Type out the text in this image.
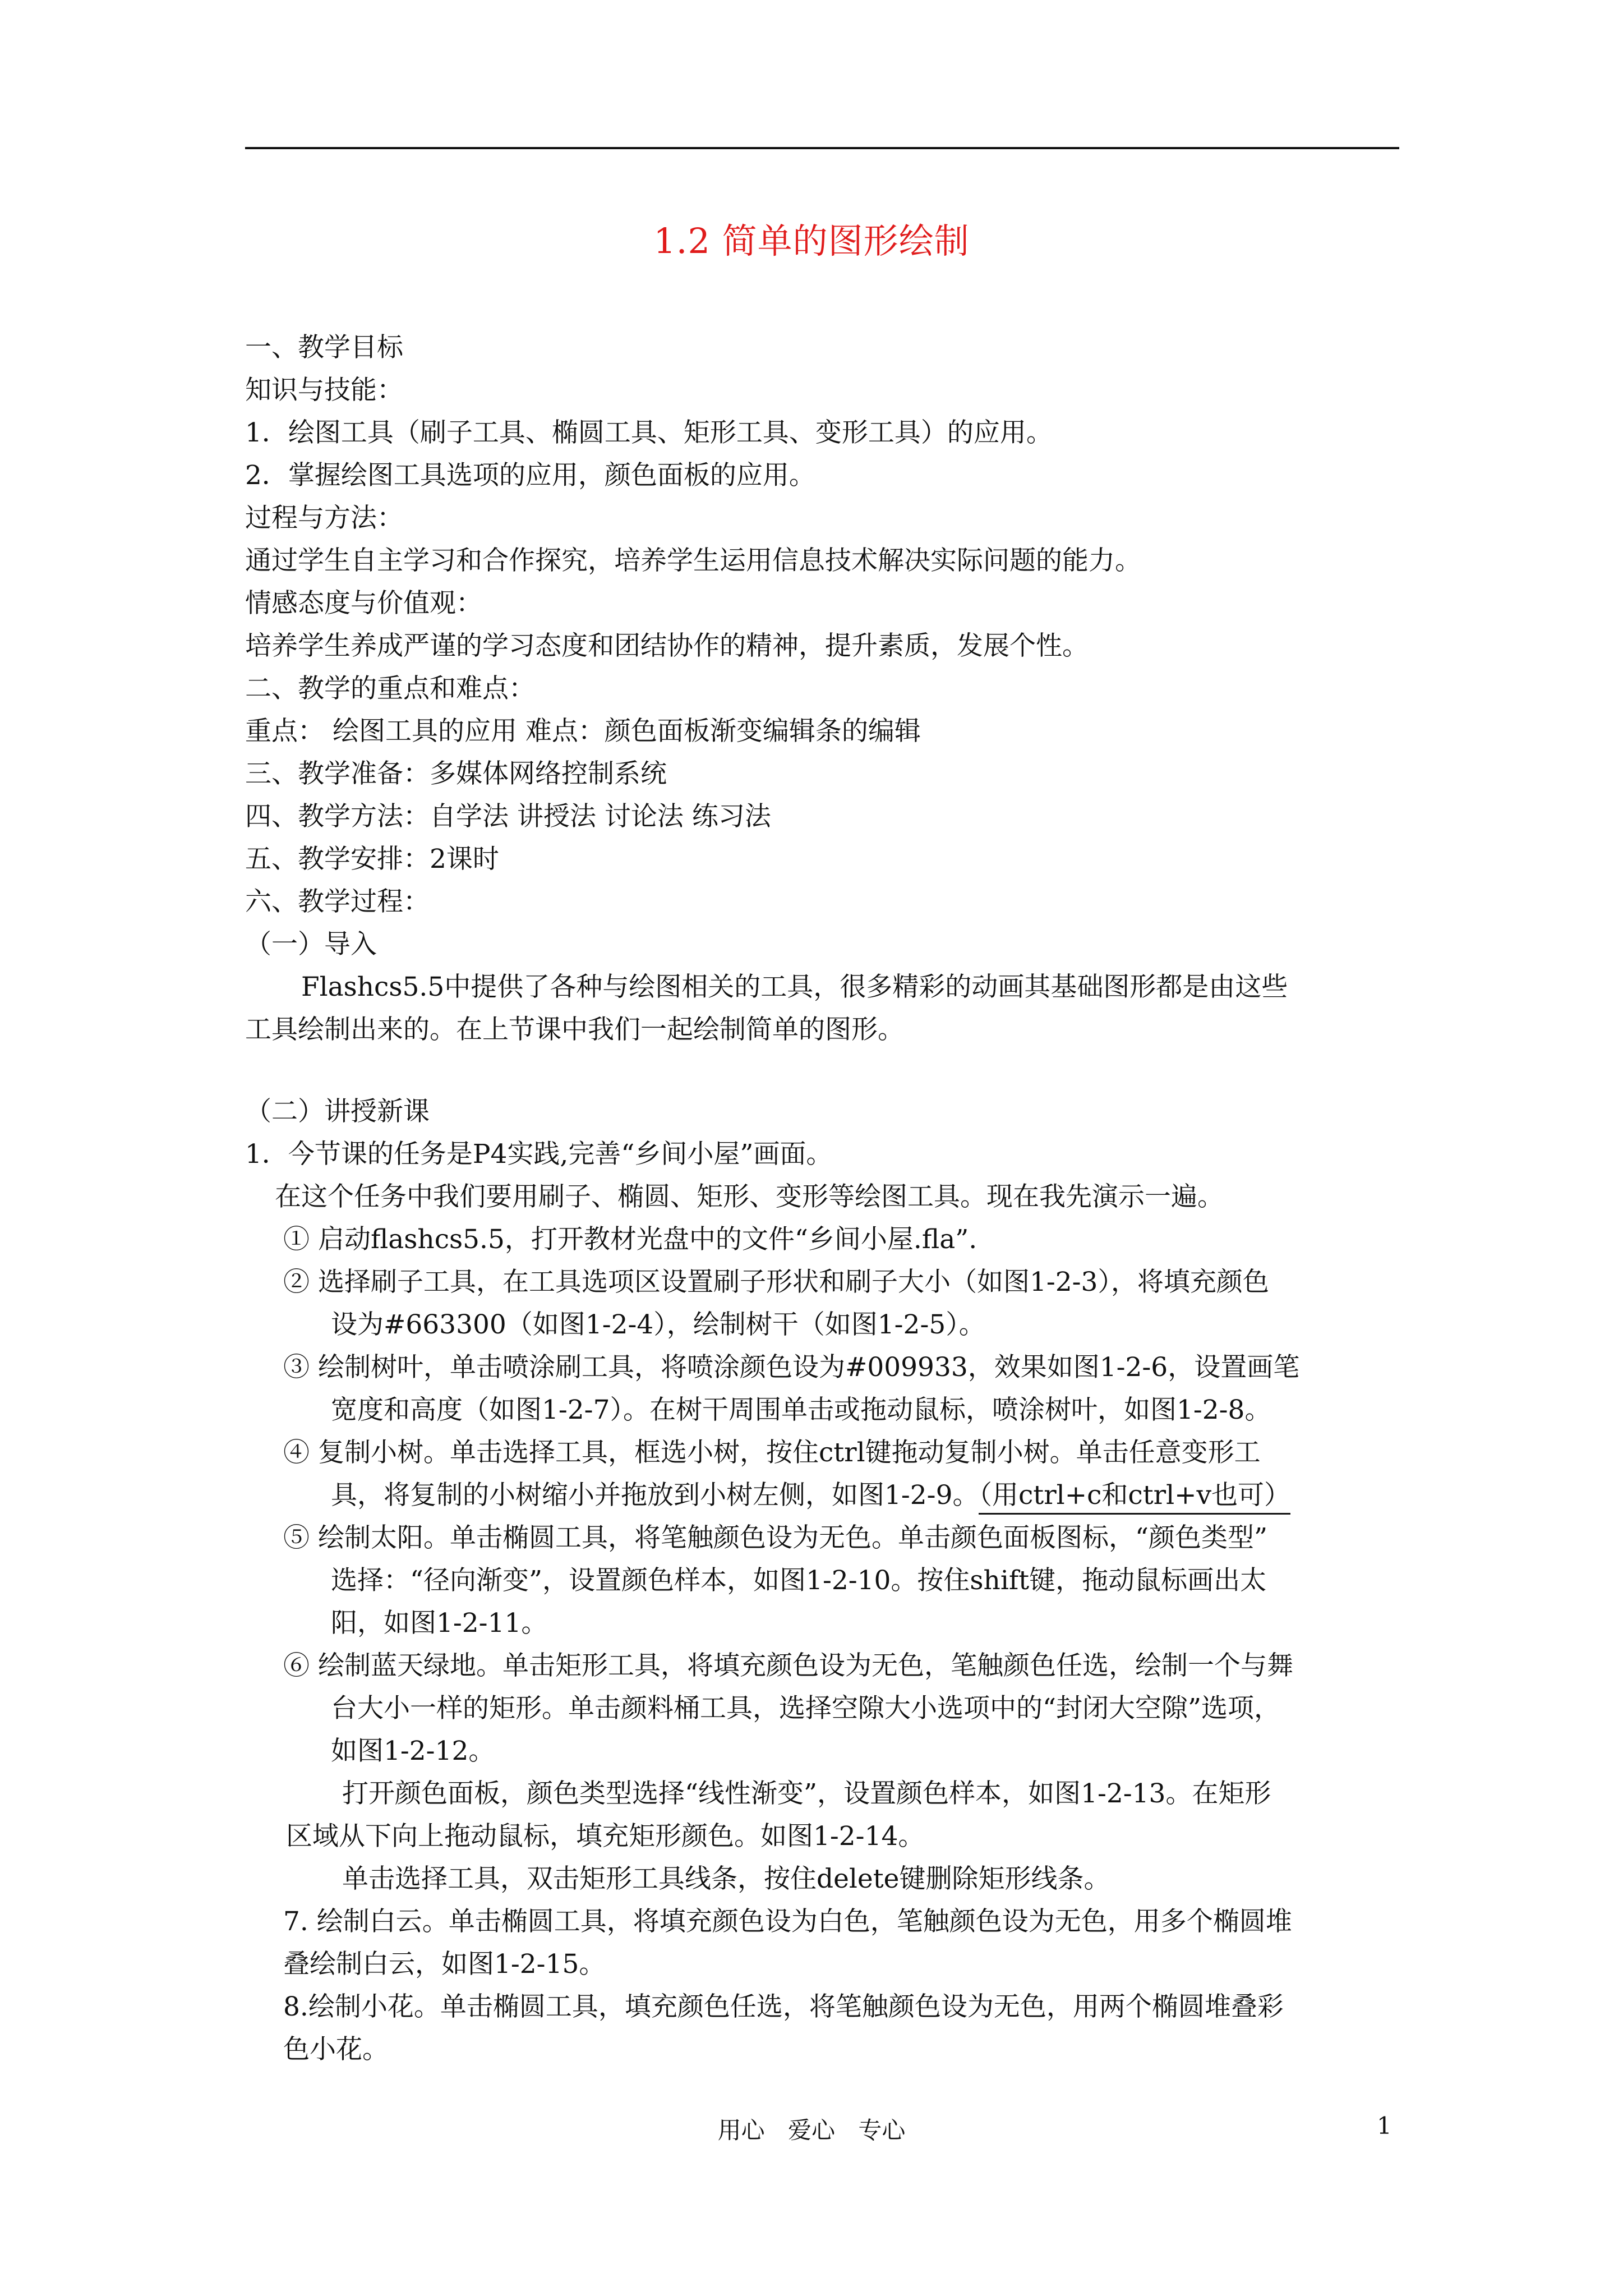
1.2 简单的图形绘制
一、教学目标
知识与技能：
1．绘图工具（刷子工具、椭圆工具、矩形工具、变形工具）的应用。
2．掌握绘图工具选项的应用，颜色面板的应用。
过程与方法：
通过学生自主学习和合作探究，培养学生运用信息技术解决实际问题的能力。
情感态度与价值观：
培养学生养成严谨的学习态度和团结协作的精神，提升素质，发展个性。
二、教学的重点和难点：
重点： 绘图工具的应用 难点：颜色面板渐变编辑条的编辑
三、教学准备：多媒体网络控制系统
四、教学方法：自学法 讲授法 讨论法 练习法
五、教学安排：2课时
六、教学过程：
（一）导入
Flashcs5.5中提供了各种与绘图相关的工具，很多精彩的动画其基础图形都是由这些
工具绘制出来的。在上节课中我们一起绘制简单的图形。
（二）讲授新课
1．今节课的任务是P4实践,完善“乡间小屋”画面。
在这个任务中我们要用刷子、椭圆、矩形、变形等绘图工具。现在我先演示一遍。
① 启动flashcs5.5，打开教材光盘中的文件“乡间小屋.fla”.
② 选择刷子工具，在工具选项区设置刷子形状和刷子大小（如图1-2-3），将填充颜色
设为#663300（如图1-2-4），绘制树干（如图1-2-5）。
③ 绘制树叶，单击喷涂刷工具，将喷涂颜色设为#009933，效果如图1-2-6，设置画笔
宽度和高度（如图1-2-7）。在树干周围单击或拖动鼠标，喷涂树叶，如图1-2-8。
④ 复制小树。单击选择工具，框选小树，按住ctrl键拖动复制小树。单击任意变形工
具，将复制的小树缩小并拖放到小树左侧，如图1-2-9。（用ctrl+c和ctrl+v也可）
⑤ 绘制太阳。单击椭圆工具，将笔触颜色设为无色。单击颜色面板图标，“颜色类型”
选择：“径向渐变”，设置颜色样本，如图1-2-10。按住shift键，拖动鼠标画出太
阳，如图1-2-11。
⑥ 绘制蓝天绿地。单击矩形工具，将填充颜色设为无色，笔触颜色任选，绘制一个与舞
台大小一样的矩形。单击颜料桶工具，选择空隙大小选项中的“封闭大空隙”选项，
如图1-2-12。
打开颜色面板，颜色类型选择“线性渐变”，设置颜色样本，如图1-2-13。在矩形
区域从下向上拖动鼠标，填充矩形颜色。如图1-2-14。
单击选择工具，双击矩形工具线条，按住delete键删除矩形线条。
7. 绘制白云。单击椭圆工具，将填充颜色设为白色，笔触颜色设为无色，用多个椭圆堆
叠绘制白云，如图1-2-15。
8.绘制小花。单击椭圆工具，填充颜色任选，将笔触颜色设为无色，用两个椭圆堆叠彩
色小花。
用心 爱心 专心	1
